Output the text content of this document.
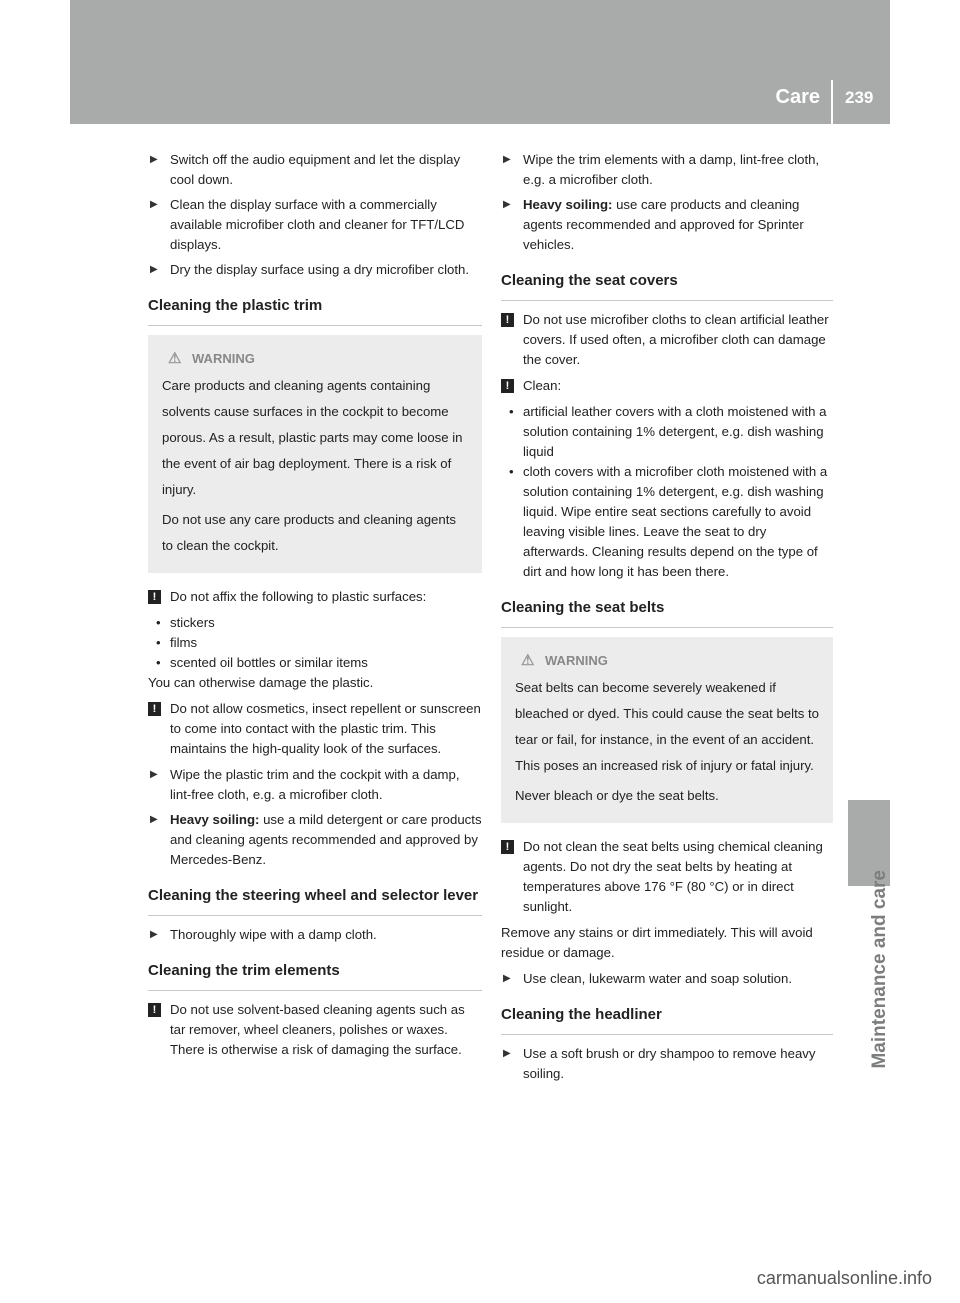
Care 239
Maintenance and care
▶ Switch off the audio equipment and let the display cool down.
▶ Clean the display surface with a commercially available microfiber cloth and cleaner for TFT/LCD displays.
▶ Dry the display surface using a dry microfiber cloth.
Cleaning the plastic trim
⚠ WARNING

Care products and cleaning agents containing solvents cause surfaces in the cockpit to become porous. As a result, plastic parts may come loose in the event of air bag deployment. There is a risk of injury.

Do not use any care products and cleaning agents to clean the cockpit.

!	Do not affix the following to plastic surfaces:
• stickers
• films
• scented oil bottles or similar items
You can otherwise damage the plastic.
!	Do not allow cosmetics, insect repellent or sunscreen to come into contact with the plastic trim. This maintains the high-quality look of the surfaces.
▶ Wipe the plastic trim and the cockpit with a damp, lint-free cloth, e.g. a microfiber cloth.
▶ Heavy soiling: use a mild detergent or care products and cleaning agents recommended and approved by Mercedes-Benz.
Cleaning the steering wheel and selector lever
▶ Thoroughly wipe with a damp cloth.
Cleaning the trim elements
!	Do not use solvent-based cleaning agents such as tar remover, wheel cleaners, polishes or waxes. There is otherwise a risk of damaging the surface.
▶ Wipe the trim elements with a damp, lint-free cloth, e.g. a microfiber cloth.
▶ Heavy soiling: use care products and cleaning agents recommended and approved for Sprinter vehicles.
Cleaning the seat covers
!	Do not use microfiber cloths to clean artificial leather covers. If used often, a microfiber cloth can damage the cover.
!	Clean:
• artificial leather covers with a cloth moistened with a solution containing 1% detergent, e.g. dish washing liquid
• cloth covers with a microfiber cloth moistened with a solution containing 1% detergent, e.g. dish washing liquid. Wipe entire seat sections carefully to avoid leaving visible lines. Leave the seat to dry afterwards. Cleaning results depend on the type of dirt and how long it has been there.
Cleaning the seat belts
⚠ WARNING

Seat belts can become severely weakened if bleached or dyed. This could cause the seat belts to tear or fail, for instance, in the event of an accident. This poses an increased risk of injury or fatal injury.

Never bleach or dye the seat belts.

!	Do not clean the seat belts using chemical cleaning agents. Do not dry the seat belts by heating at temperatures above 176 °F (80 °C) or in direct sunlight.
Remove any stains or dirt immediately. This will avoid residue or damage.
▶ Use clean, lukewarm water and soap solution.
Cleaning the headliner
▶ Use a soft brush or dry shampoo to remove heavy soiling.
carmanualsonline.info
